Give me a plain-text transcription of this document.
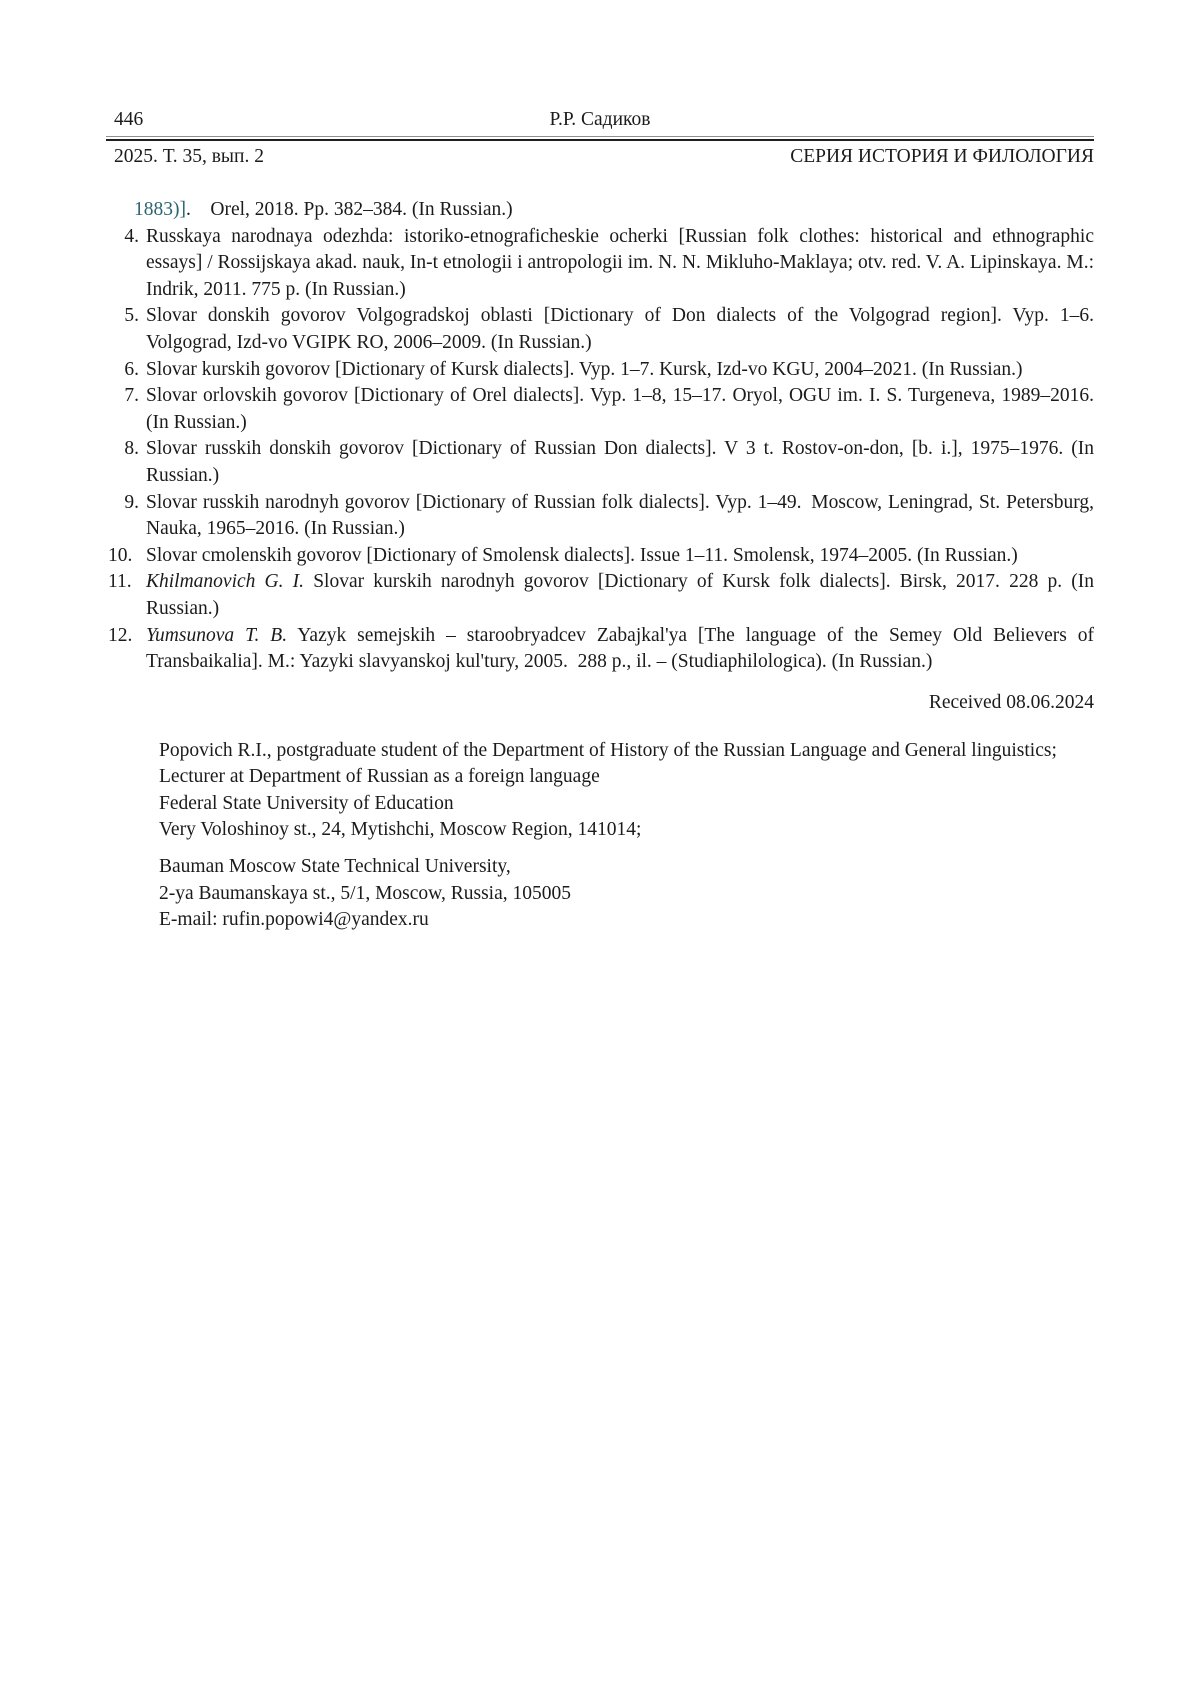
446	Р.Р. Садиков
2025. Т. 35, вып. 2	СЕРИЯ ИСТОРИЯ И ФИЛОЛОГИЯ
1883)]. Orel, 2018. Pp. 382–384. (In Russian.)
4. Russkaya narodnaya odezhda: istoriko-etnograficheskie ocherki [Russian folk clothes: historical and ethnographic essays] / Rossijskaya akad. nauk, In-t etnologii i antropologii im. N. N. Mikluho-Maklaya; otv. red. V. A. Lipinskaya. M.: Indrik, 2011. 775 p. (In Russian.)
5. Slovar donskih govorov Volgogradskoj oblasti [Dictionary of Don dialects of the Volgograd region]. Vyp. 1–6. Volgograd, Izd-vo VGIPK RO, 2006–2009. (In Russian.)
6. Slovar kurskih govorov [Dictionary of Kursk dialects]. Vyp. 1–7. Kursk, Izd-vo KGU, 2004–2021. (In Russian.)
7. Slovar orlovskih govorov [Dictionary of Orel dialects]. Vyp. 1–8, 15–17. Oryol, OGU im. I. S. Turgeneva, 1989–2016. (In Russian.)
8. Slovar russkih donskih govorov [Dictionary of Russian Don dialects]. V 3 t. Rostov-on-don, [b. i.], 1975–1976. (In Russian.)
9. Slovar russkih narodnyh govorov [Dictionary of Russian folk dialects]. Vyp. 1–49. Moscow, Leningrad, St. Petersburg, Nauka, 1965–2016. (In Russian.)
10. Slovar cmolenskih govorov [Dictionary of Smolensk dialects]. Issue 1–11. Smolensk, 1974–2005. (In Russian.)
11. Khilmanovich G. I. Slovar kurskih narodnyh govorov [Dictionary of Kursk folk dialects]. Birsk, 2017. 228 p. (In Russian.)
12. Yumsunova T. B. Yazyk semejskih – staroobryadcev Zabajkal'ya [The language of the Semey Old Believers of Transbaikalia]. M.: Yazyki slavyanskoj kul'tury, 2005. 288 p., il. – (Studiaphilologica). (In Russian.)
Received 08.06.2024
Popovich R.I., postgraduate student of the Department of History of the Russian Language and General linguistics;
Lecturer at Department of Russian as a foreign language
Federal State University of Education
Very Voloshinoy st., 24, Mytishchi, Moscow Region, 141014;
Bauman Moscow State Technical University,
2-ya Baumanskaya st., 5/1, Moscow, Russia, 105005
E-mail: rufin.popowi4@yandex.ru
